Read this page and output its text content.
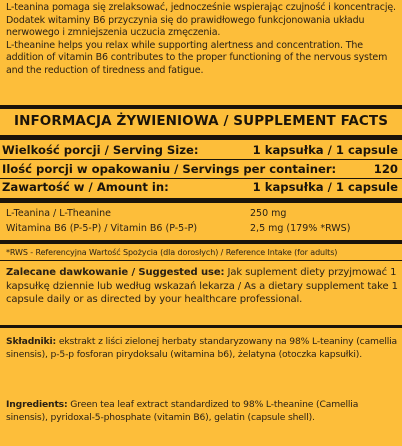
L-teanina pomaga się zrelaksować, jednocześnie wspierając czujność i koncentrację. Dodatek witaminy B6 przyczynia się do prawidłowego funkcjonowania układu nerwowego i zmniejszenia uczucia zmęczenia.
L-theanine helps you relax while supporting alertness and concentration. The addition of vitamin B6 contributes to the proper functioning of the nervous system and the reduction of tiredness and fatigue.
INFORMACJA ŻYWIENIOWA / SUPPLEMENT FACTS
Wielkość porcji / Serving Size:	1 kapsułka / 1 capsule
Ilość porcji w opakowaniu / Servings per container:	120
Zawartość w / Amount in:	1 kapsułka / 1 capsule
L-Teanina / L-Theanine	250 mg
Witamina B6 (P-5-P) / Vitamin B6 (P-5-P)	2,5 mg (179% *RWS)
*RWS - Referencyjna Wartość Spożycia (dla dorosłych) / Reference Intake (for adults)
Zalecane dawkowanie / Suggested use: Jak suplement diety przyjmować 1 kapsułkę dziennie lub według wskazań lekarza / As a dietary supplement take 1 capsule daily or as directed by your healthcare professional.
Składniki: ekstrakt z liści zielonej herbaty standaryzowany na 98% L-teaniny (camellia sinensis), p-5-p fosforan pirydoksalu (witamina b6), żelatyna (otoczka kapsułki).
Ingredients: Green tea leaf extract standardized to 98% L-theanine (Camellia sinensis), pyridoxal-5-phosphate (vitamin B6), gelatin (capsule shell).
